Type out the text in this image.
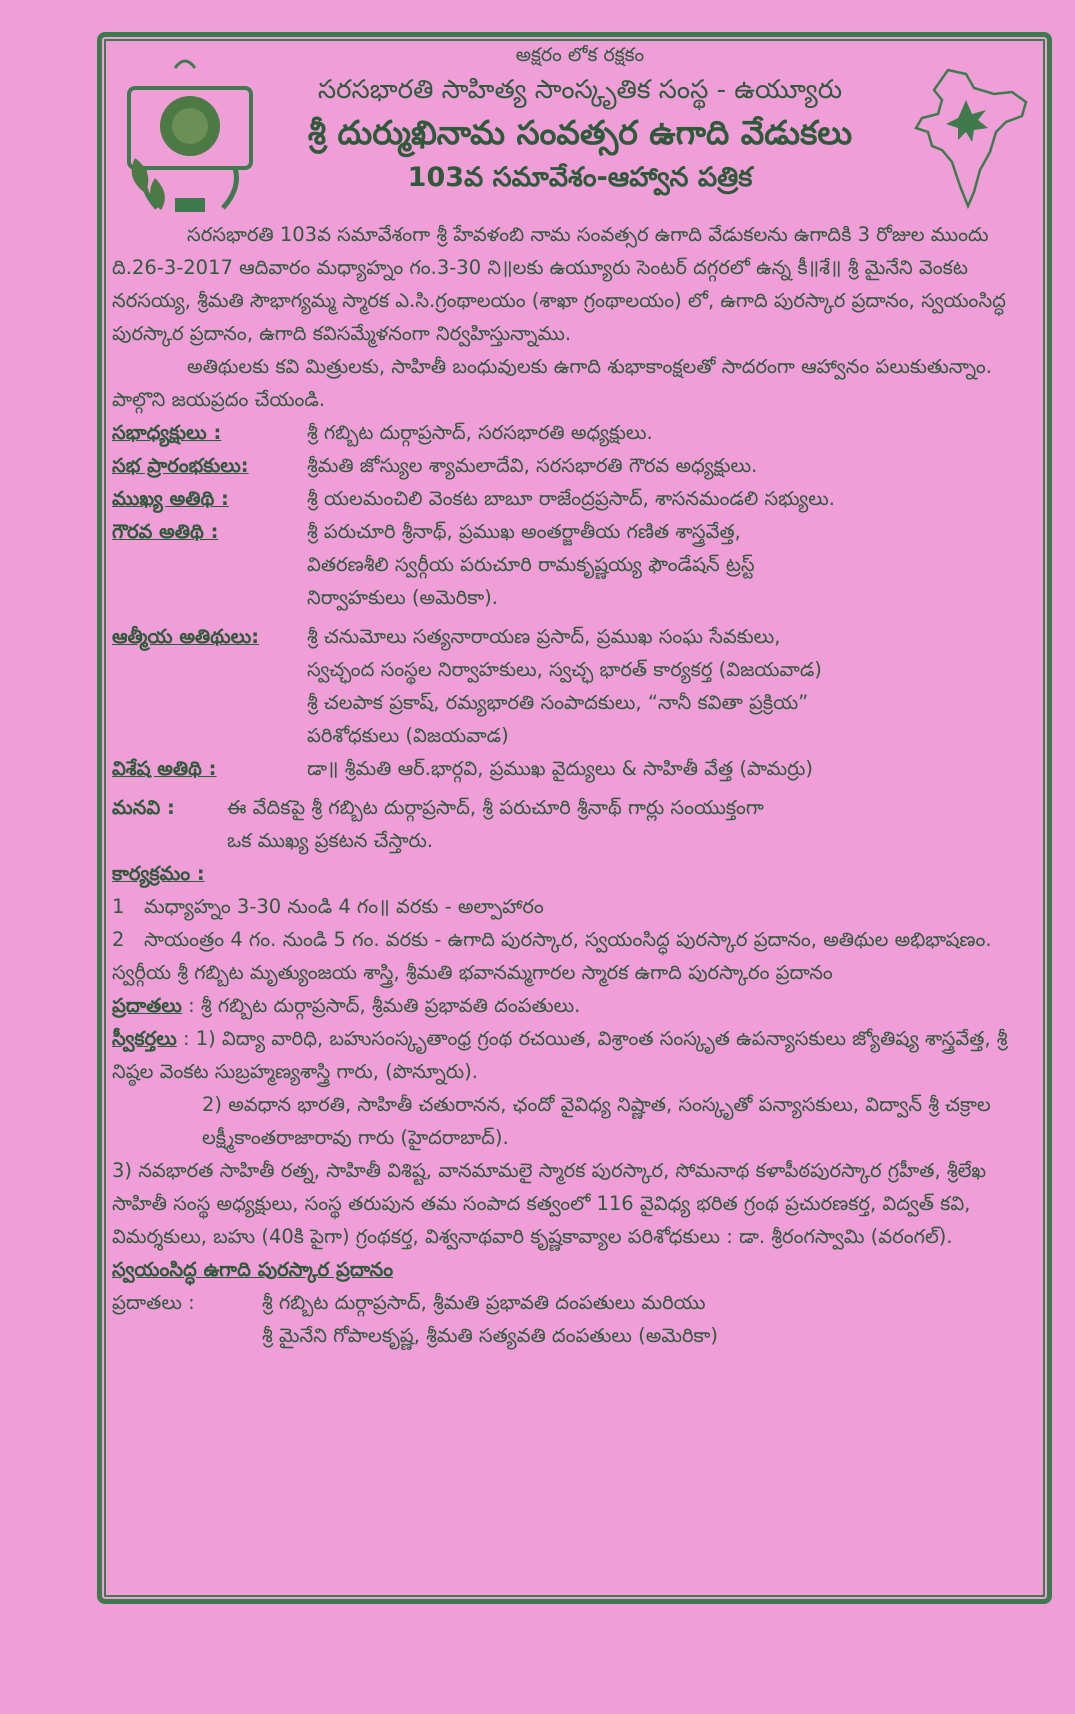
అక్షరం లోక రక్షకం
సరసభారతి సాహిత్య సాంస్కృతిక సంస్థ - ఉయ్యూరు
శ్రీ దుర్ముఖినామ సంవత్సర ఉగాది వేడుకలు
103వ సమావేశం-ఆహ్వాన పత్రిక

సరసభారతి 103వ సమావేశంగా శ్రీ హేవళంబి నామ సంవత్సర ఉగాది వేడుకలను ఉగాదికి 3 రోజుల ముందు ది.26-3-2017 ఆదివారం మధ్యాహ్నం గం.3-30 ని॥లకు ఉయ్యూరు సెంటర్ దగ్గరలో ఉన్న కీ॥శే॥ శ్రీ మైనేని వెంకట నరసయ్య, శ్రీమతి సౌభాగ్యమ్మ స్మారక ఎ.సి.గ్రంథాలయం (శాఖా గ్రంథాలయం) లో, ఉగాది పురస్కార ప్రదానం, స్వయంసిద్ధ పురస్కార ప్రదానం, ఉగాది కవిసమ్మేళనంగా నిర్వహిస్తున్నాము.

అతిథులకు కవి మిత్రులకు, సాహితీ బంధువులకు ఉగాది శుభాకాంక్షలతో సాదరంగా ఆహ్వానం పలుకుతున్నాం. పాల్గొని జయప్రదం చేయండి.

సభాధ్యక్షులు :	శ్రీ గబ్బిట దుర్గాప్రసాద్, సరసభారతి అధ్యక్షులు.
సభ ప్రారంభకులు:	శ్రీమతి జోస్యుల శ్యామలాదేవి, సరసభారతి గౌరవ అధ్యక్షులు.
ముఖ్య అతిథి :	శ్రీ యలమంచిలి వెంకట బాబూ రాజేంద్రప్రసాద్, శాసనమండలి సభ్యులు.
గౌరవ అతిథి :	శ్రీ పరుచూరి శ్రీనాథ్, ప్రముఖ అంతర్జాతీయ గణిత శాస్త్రవేత్త,
వితరణశీలి స్వర్గీయ పరుచూరి రామకృష్ణయ్య ఫౌండేషన్ ట్రస్ట్
నిర్వాహకులు (అమెరికా).
ఆత్మీయ అతిథులు:	శ్రీ చనుమోలు సత్యనారాయణ ప్రసాద్, ప్రముఖ సంఘ సేవకులు,
స్వచ్ఛంద సంస్థల నిర్వాహకులు, స్వచ్ఛ భారత్ కార్యకర్త (విజయవాడ)
శ్రీ చలపాక ప్రకాష్, రమ్యభారతి సంపాదకులు, “నానీ కవితా ప్రక్రియ”
పరిశోధకులు (విజయవాడ)
విశేష అతిథి :	డా॥ శ్రీమతి ఆర్.భార్గవి, ప్రముఖ వైద్యులు & సాహితీ వేత్త (పామర్రు)
మనవి :	ఈ వేదికపై శ్రీ గబ్బిట దుర్గాప్రసాద్, శ్రీ పరుచూరి శ్రీనాథ్ గార్లు సంయుక్తంగా
ఒక ముఖ్య ప్రకటన చేస్తారు.
కార్యక్రమం :
1	మధ్యాహ్నం 3-30 నుండి 4 గం॥ వరకు - అల్పాహారం
2	సాయంత్రం 4 గం. నుండి 5 గం. వరకు - ఉగాది పురస్కార, స్వయంసిద్ధ పురస్కార ప్రదానం, అతిథుల అభిభాషణం.

స్వర్గీయ శ్రీ గబ్బిట మృత్యుంజయ శాస్త్రి, శ్రీమతి భవానమ్మగారల స్మారక ఉగాది పురస్కారం ప్రదానం

ప్రదాతలు : శ్రీ గబ్బిట దుర్గాప్రసాద్, శ్రీమతి ప్రభావతి దంపతులు.

స్వీకర్తలు : 1) విద్యా వారిధి, బహుసంస్కృతాంధ్ర గ్రంథ రచయిత, విశ్రాంత సంస్కృత ఉపన్యాసకులు జ్యోతిష్య శాస్త్రవేత్త, శ్రీ నిష్ఠల వెంకట సుబ్రహ్మణ్యశాస్త్రి గారు, (పొన్నూరు).

2) అవధాన భారతి, సాహితీ చతురానన, ఛందో వైవిధ్య నిష్ణాత, సంస్కృతో పన్యాసకులు, విద్వాన్ శ్రీ చక్రాల లక్ష్మీకాంతరాజారావు గారు (హైదరాబాద్).

3) నవభారత సాహితీ రత్న, సాహితీ విశిష్ట, వానమామలై స్మారక పురస్కార, సోమనాథ కళాపీఠపురస్కార గ్రహీత, శ్రీలేఖ సాహితీ సంస్థ అధ్యక్షులు, సంస్థ తరుపున తమ సంపాద కత్వంలో 116 వైవిధ్య భరిత గ్రంథ ప్రచురణకర్త, విద్వత్ కవి, విమర్శకులు, బహు (40కి పైగా) గ్రంథకర్త, విశ్వనాథవారి కృష్ణకావ్యాల పరిశోధకులు : డా. శ్రీరంగస్వామి (వరంగల్).

స్వయంసిద్ధ ఉగాది పురస్కార ప్రదానం
ప్రదాతలు :	శ్రీ గబ్బిట దుర్గాప్రసాద్, శ్రీమతి ప్రభావతి దంపతులు మరియు
శ్రీ మైనేని గోపాలకృష్ణ, శ్రీమతి సత్యవతి దంపతులు (అమెరికా)
